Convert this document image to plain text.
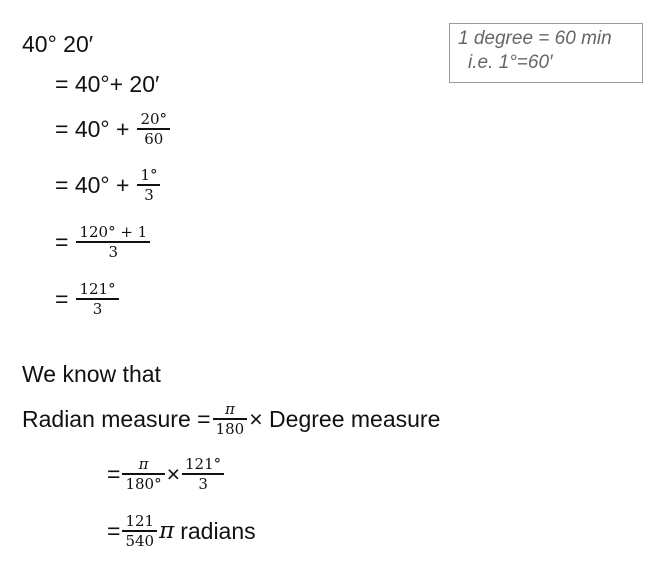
1 degree = 60 min
i.e. 1°=60′
40° 20′
= 40°+ 20′
= $40^\circ + \frac{20^\circ}{60}$
= $40^\circ + \frac{1^\circ}{3}$
= $\frac{120^\circ + 1}{3}$
= $\frac{121^\circ}{3}$
We know that
Radian measure = $\frac{\pi}{180}$ × Degree measure
= $\frac{\pi}{180^\circ} \times \frac{121^\circ}{3}$
= $\frac{121}{540}$ π radians
